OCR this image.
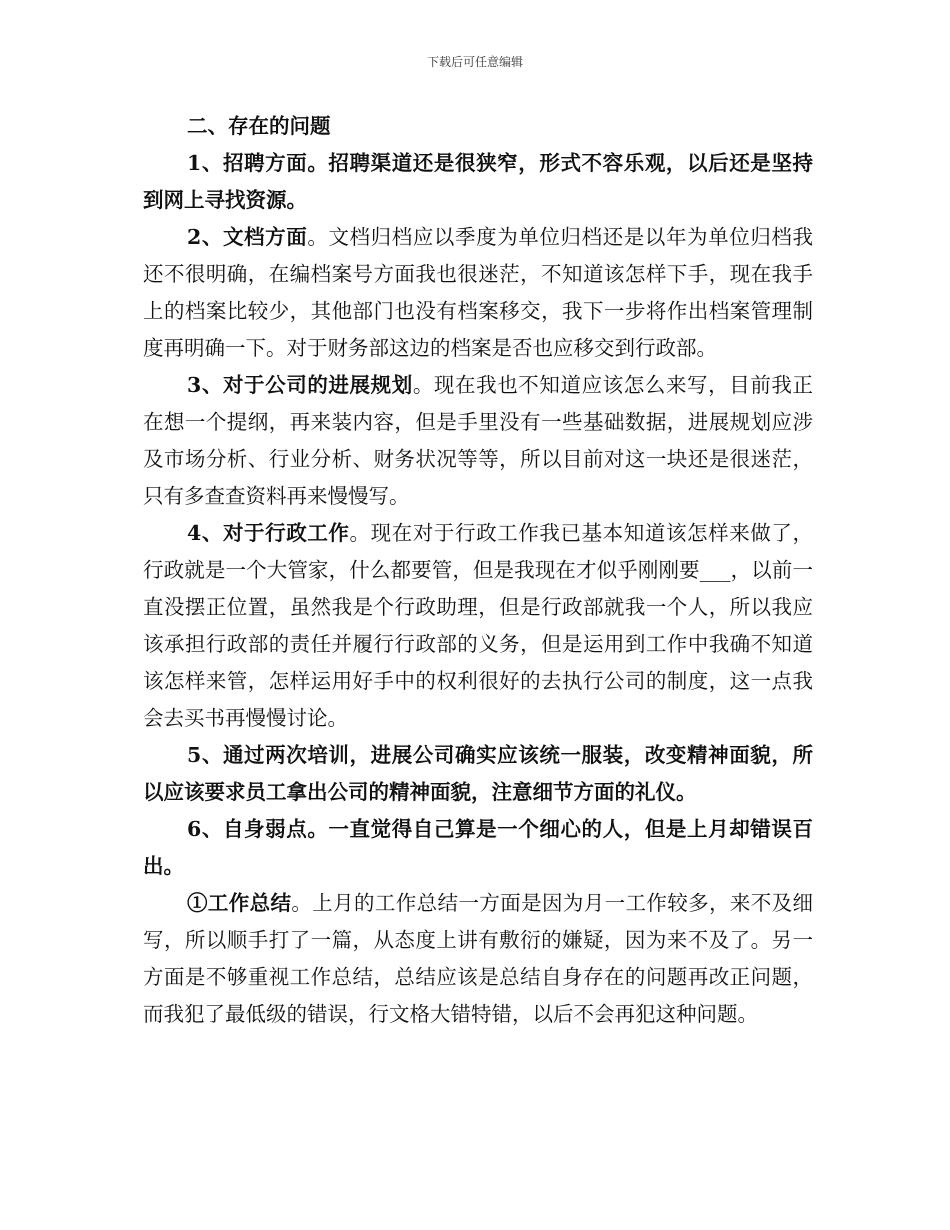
下载后可任意编辑

二、存在的问题

1、招聘方面。招聘渠道还是很狭窄，形式不容乐观，以后还是坚持到网上寻找资源。

2、文档方面。文档归档应以季度为单位归档还是以年为单位归档我还不很明确，在编档案号方面我也很迷茫，不知道该怎样下手，现在我手上的档案比较少，其他部门也没有档案移交，我下一步将作出档案管理制度再明确一下。对于财务部这边的档案是否也应移交到行政部。

3、对于公司的进展规划。现在我也不知道应该怎么来写，目前我正在想一个提纲，再来装内容，但是手里没有一些基础数据，进展规划应涉及市场分析、行业分析、财务状况等等，所以目前对这一块还是很迷茫，只有多查查资料再来慢慢写。

4、对于行政工作。现在对于行政工作我已基本知道该怎样来做了，行政就是一个大管家，什么都要管，但是我现在才似乎刚刚要___，以前一直没摆正位置，虽然我是个行政助理，但是行政部就我一个人，所以我应该承担行政部的责任并履行行政部的义务，但是运用到工作中我确不知道该怎样来管，怎样运用好手中的权利很好的去执行公司的制度，这一点我会去买书再慢慢讨论。

5、通过两次培训，进展公司确实应该统一服装，改变精神面貌，所以应该要求员工拿出公司的精神面貌，注意细节方面的礼仪。

6、自身弱点。一直觉得自己算是一个细心的人，但是上月却错误百出。

①工作总结。上月的工作总结一方面是因为月一工作较多，来不及细写，所以顺手打了一篇，从态度上讲有敷衍的嫌疑，因为来不及了。另一方面是不够重视工作总结，总结应该是总结自身存在的问题再改正问题，而我犯了最低级的错误，行文格大错特错，以后不会再犯这种问题。
